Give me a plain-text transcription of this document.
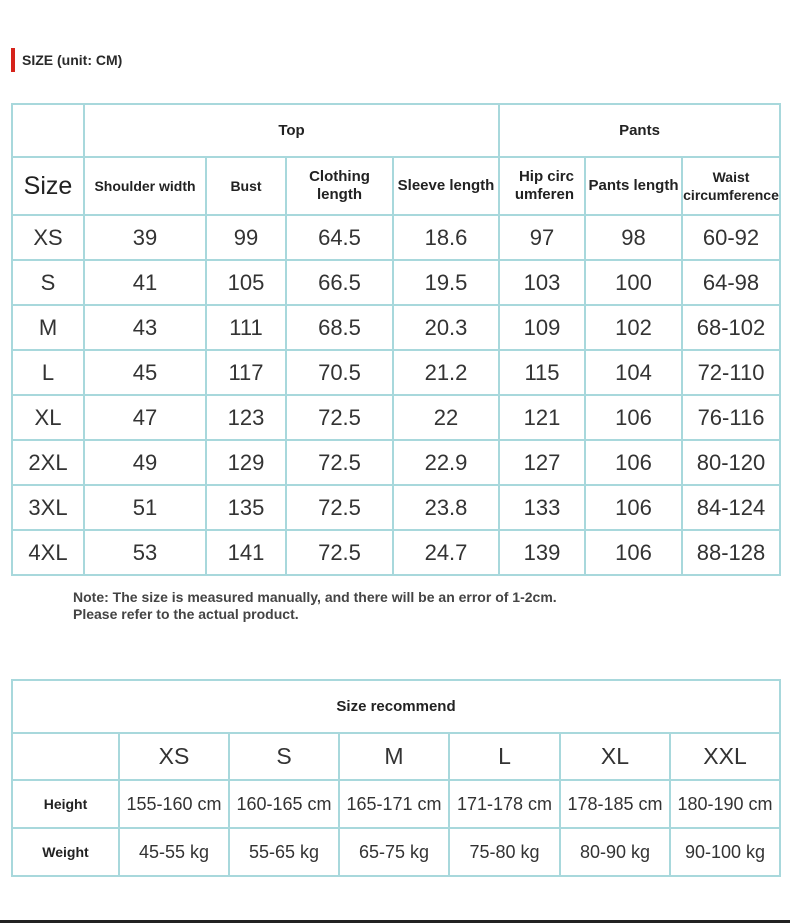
SIZE (unit: CM)
	Top				Pants		
Size	Shoulder width	Bust	Clothing length	Sleeve length	Hip circumferen	Pants length	Waist circumference
XS	39	99	64.5	18.6	97	98	60-92
S	41	105	66.5	19.5	103	100	64-98
M	43	111	68.5	20.3	109	102	68-102
L	45	117	70.5	21.2	115	104	72-110
XL	47	123	72.5	22	121	106	76-116
2XL	49	129	72.5	22.9	127	106	80-120
3XL	51	135	72.5	23.8	133	106	84-124
4XL	53	141	72.5	24.7	139	106	88-128
Note: The size is measured manually, and there will be an error of 1-2cm. Please refer to the actual product.
Size recommend						
	XS	S	M	L	XL	XXL
Height	155-160 cm	160-165 cm	165-171 cm	171-178 cm	178-185 cm	180-190 cm
Weight	45-55 kg	55-65 kg	65-75 kg	75-80 kg	80-90 kg	90-100 kg
